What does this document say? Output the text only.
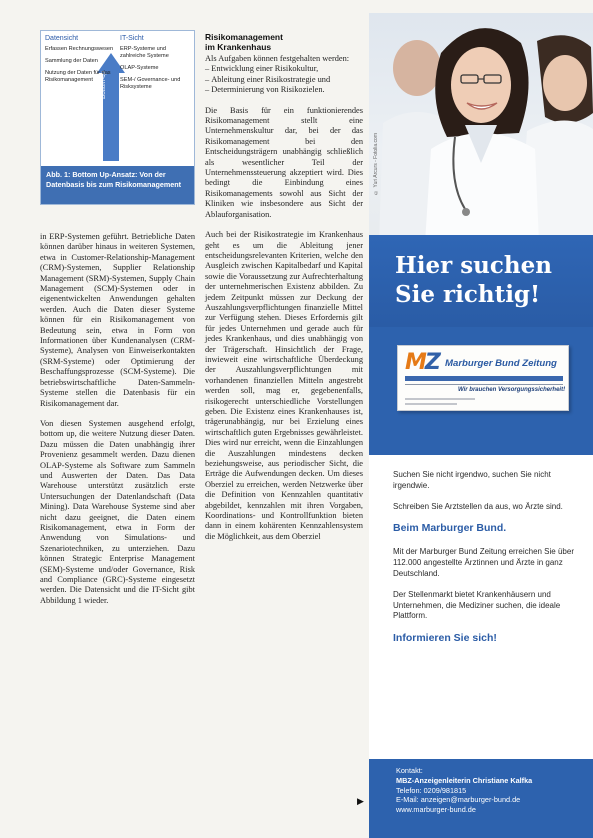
Bottom-up
Datensicht
Erfassen Rechnungswesen
Sammlung der Daten
Nutzung der Daten für das Risikomanagement
IT-Sicht
ERP-Systeme und zahlreiche Systeme
OLAP-Systeme
SEM-/ Governance- und Risksysteme
Abb. 1: Bottom Up-Ansatz: Von der Datenbasis bis zum Risikomanagement

in ERP-Systemen geführt. Betriebliche Daten können darüber hinaus in weiteren Systemen, etwa in Customer-Relationship-Management (CRM)-Systemen, Supplier Relationship Management (SRM)-Systemen, Supply Chain Management (SCM)-Systemen oder in eigenentwickelten Anwendungen gehalten werden. Auch die Daten dieser Systeme können für ein Risikomanagement von Bedeutung sein, etwa in Form von Informationen über Kundenanalysen (CRM-Systeme), Analysen von Einweiserkontakten (SRM-Systeme) oder Optimierung der Beschaffungsprozesse (SCM-Systeme). Die betriebswirtschaftliche Daten-Sammeln-Systeme stellen die Datenbasis für ein Risikomanagement dar.

Von diesen Systemen ausgehend erfolgt, bottom up, die weitere Nutzung dieser Daten. Dazu müssen die Daten unabhängig ihrer Provenienz gesammelt werden. Dazu dienen OLAP-Systeme als Software zum Sammeln und Auswerten der Daten. Das Data Warehouse unterstützt zusätzlich erste Untersuchungen der Datenlandschaft (Data Mining). Data Warehouse Systeme sind aber nicht dazu geeignet, die Daten einem Risikomanagement, etwa in Form der Anwendung von Simulations- und Szenariotechniken, zu unterziehen. Dazu können Strategic Enterprise Management (SEM)-Systeme und/oder Governance, Risk and Compliance (GRC)-Systeme eingesetzt werden. Die Datensicht und die IT-Sicht gibt Abbildung 1 wieder.

Risikomanagement
im Krankenhaus

Als Aufgaben können festgehalten werden:

– Entwicklung einer Risikokultur,
– Ableitung einer Risikostrategie und
– Determinierung von Risikozielen.

Die Basis für ein funktionierendes Risikomanagement stellt eine Unternehmenskultur dar, bei der das Risikomanagement bei den Entscheidungsträgern unabhängig schließlich als wesentlicher Teil der Unternehmenssteuerung akzeptiert wird. Dies bedingt die Einbindung eines Risikomanagements sowohl aus Sicht der Kliniken wie insbesondere aus Sicht der Ablauforganisation.

Auch bei der Risikostrategie im Krankenhaus geht es um die Ableitung jener entscheidungsrelevanten Kriterien, welche den Ausgleich zwischen Kapitalbedarf und Kapital sowie die Voraussetzung zur Aufrechterhaltung der unternehmerischen Existenz abbilden. Zu jedem Zeitpunkt müssen zur Deckung der Auszahlungsverpflichtungen finanzielle Mittel zur Verfügung stehen. Dieses Erfordernis gilt für jedes Unternehmen und gerade auch für jedes Krankenhaus, und dies unabhängig von der Trägerschaft. Hinsichtlich der Frage, inwieweit eine wirtschaftliche Überdeckung der Auszahlungsverpflichtungen mit vorhandenen finanziellen Mitteln angestrebt werden soll, mag er, gegebenenfalls, risikogerecht unterschiedliche Vorstellungen geben. Die Existenz eines Krankenhauses ist, trägerunabhängig, nur bei Erzielung eines wirtschaftlich guten Ergebnisses gewährleistet. Dies wird nur erreicht, wenn die Einzahlungen die Auszahlungen mindestens decken beziehungsweise, aus periodischer Sicht, die Erträge die Aufwendungen decken. Um dieses Oberziel zu erreichen, werden Netzwerke über die Definition von Kennzahlen quantitativ abgebildet, kennzahlen mit ihren Vorgaben, Koordinations- und Kontrollfunktion bieten dann in einem kohärenten Kennzahlensystem die Möglichkeit, aus dem Oberziel

▶
© Yuri Arcurs - Fotolia.com
Hier suchen
Sie richtig!
MZ Marburger Bund Zeitung
Wir brauchen Versorgungssicherheit!

Suchen Sie nicht irgendwo, suchen Sie nicht irgendwie.

Schreiben Sie Arztstellen da aus, wo Ärzte sind.

Beim Marburger Bund.

Mit der Marburger Bund Zeitung erreichen Sie über 112.000 angestellte Ärztinnen und Ärzte in ganz Deutschland.

Der Stellenmarkt bietet Krankenhäusern und Unternehmen, die Mediziner suchen, die ideale Plattform.

Informieren Sie sich!
Kontakt:
MBZ-Anzeigenleiterin Christiane Kalfka
Telefon: 0209/981815
E-Mail: anzeigen@marburger-bund.de
www.marburger-bund.de
